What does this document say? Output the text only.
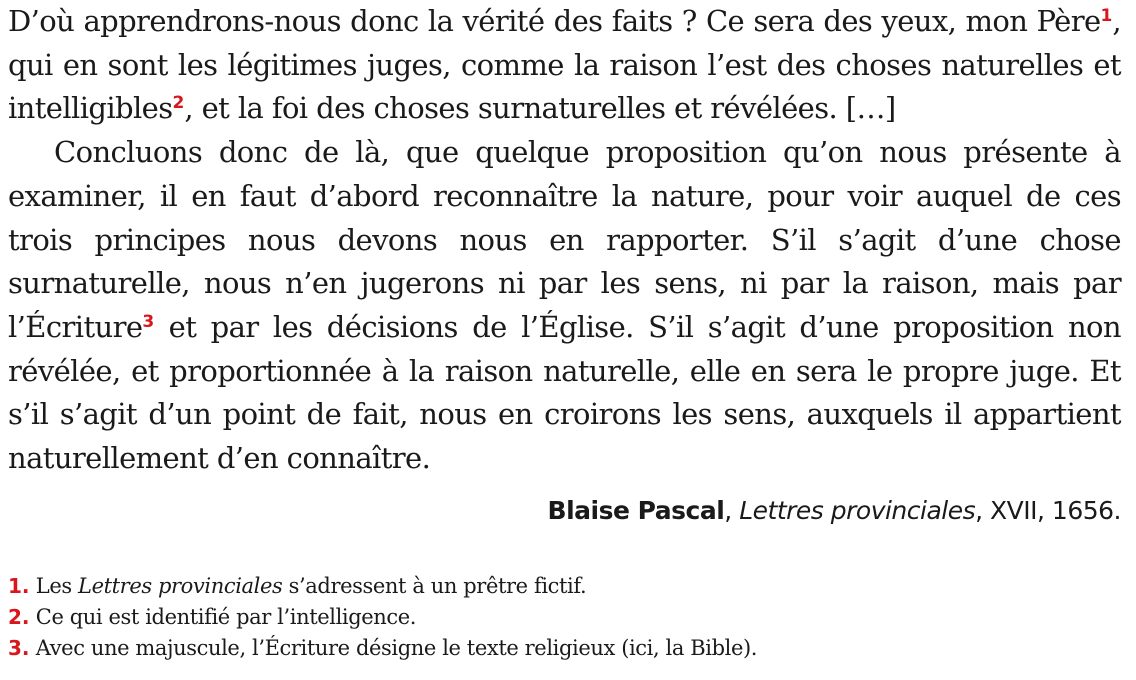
D’où apprendrons-nous donc la vérité des faits ? Ce sera des yeux, mon Père$^1$, qui en sont les légitimes juges, comme la raison l’est des choses naturelles et intelligibles$^2$, et la foi des choses surnaturelles et révélées. […]

Concluons donc de là, que quelque proposition qu’on nous présente à examiner, il en faut d’abord reconnaître la nature, pour voir auquel de ces trois principes nous devons nous en rapporter. S’il s’agit d’une chose surnaturelle, nous n’en jugerons ni par les sens, ni par la raison, mais par l’Écriture$^3$ et par les décisions de l’Église. S’il s’agit d’une proposition non révélée, et proportionnée à la raison naturelle, elle en sera le propre juge. Et s’il s’agit d’un point de fait, nous en croirons les sens, auxquels il appartient naturellement d’en connaître.

Blaise Pascal, Lettres provinciales, XVII, 1656.
1. Les Lettres provinciales s’adressent à un prêtre fictif.
2. Ce qui est identifié par l’intelligence.
3. Avec une majuscule, l’Écriture désigne le texte religieux (ici, la Bible).
